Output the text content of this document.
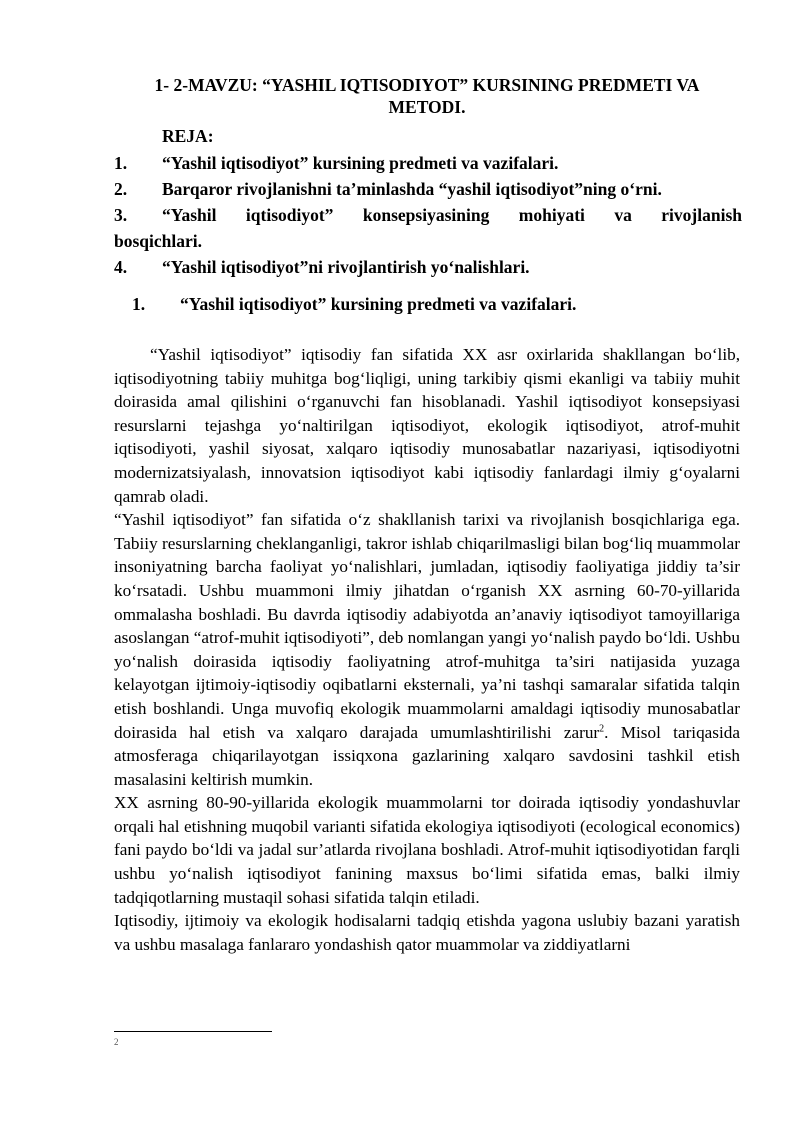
1- 2-MAVZU: “YASHIL IQTISODIYOT” KURSINING PREDMETI VA
METODI.
REJA:
1.	“Yashil iqtisodiyot” kursining predmeti va vazifalari.
2.	Barqaror rivojlanishni ta’minlashda “yashil iqtisodiyot”ning o‘rni.
3.	“Yashil iqtisodiyot” konsepsiyasining mohiyati va rivojlanish
bosqichlari.
4.	“Yashil iqtisodiyot”ni rivojlantirish yo‘nalishlari.
1. “Yashil iqtisodiyot” kursining predmeti va vazifalari.

“Yashil iqtisodiyot” iqtisodiy fan sifatida XX asr oxirlarida shakllangan bo‘lib, iqtisodiyotning tabiiy muhitga bog‘liqligi, uning tarkibiy qismi ekanligi va tabiiy muhit doirasida amal qilishini o‘rganuvchi fan hisoblanadi. Yashil iqtisodiyot konsepsiyasi resurslarni tejashga yo‘naltirilgan iqtisodiyot, ekologik iqtisodiyot, atrof-muhit iqtisodiyoti, yashil siyosat, xalqaro iqtisodiy munosabatlar nazariyasi, iqtisodiyotni modernizatsiyalash, innovatsion iqtisodiyot kabi iqtisodiy fanlardagi ilmiy g‘oyalarni qamrab oladi.

“Yashil iqtisodiyot” fan sifatida o‘z shakllanish tarixi va rivojlanish bosqichlariga ega. Tabiiy resurslarning cheklanganligi, takror ishlab chiqarilmasligi bilan bog‘liq muammolar insoniyatning barcha faoliyat yo‘nalishlari, jumladan, iqtisodiy faoliyatiga jiddiy ta’sir ko‘rsatadi. Ushbu muammoni ilmiy jihatdan o‘rganish XX asrning 60-70-yillarida ommalasha boshladi. Bu davrda iqtisodiy adabiyotda an’anaviy iqtisodiyot tamoyillariga asoslangan “atrof-muhit iqtisodiyoti”, deb nomlangan yangi yo‘nalish paydo bo‘ldi. Ushbu yo‘nalish doirasida iqtisodiy faoliyatning atrof-muhitga ta’siri natijasida yuzaga kelayotgan ijtimoiy-iqtisodiy oqibatlarni eksternali, ya’ni tashqi samaralar sifatida talqin etish boshlandi. Unga muvofiq ekologik muammolarni amaldagi iqtisodiy munosabatlar doirasida hal etish va xalqaro darajada umumlashtirilishi zarur$^2$. Misol tariqasida atmosferaga chiqarilayotgan issiqxona gazlarining xalqaro savdosini tashkil etish masalasini keltirish mumkin.

XX asrning 80-90-yillarida ekologik muammolarni tor doirada iqtisodiy yondashuvlar orqali hal etishning muqobil varianti sifatida ekologiya iqtisodiyoti (ecological economics) fani paydo bo‘ldi va jadal sur’atlarda rivojlana boshladi. Atrof-muhit iqtisodiyotidan farqli ushbu yo‘nalish iqtisodiyot fanining maxsus bo‘limi sifatida emas, balki ilmiy tadqiqotlarning mustaqil sohasi sifatida talqin etiladi.

Iqtisodiy, ijtimoiy va ekologik hodisalarni tadqiq etishda yagona uslubiy bazani yaratish va ushbu masalaga fanlararo yondashish qator muammolar va ziddiyatlarni

2
